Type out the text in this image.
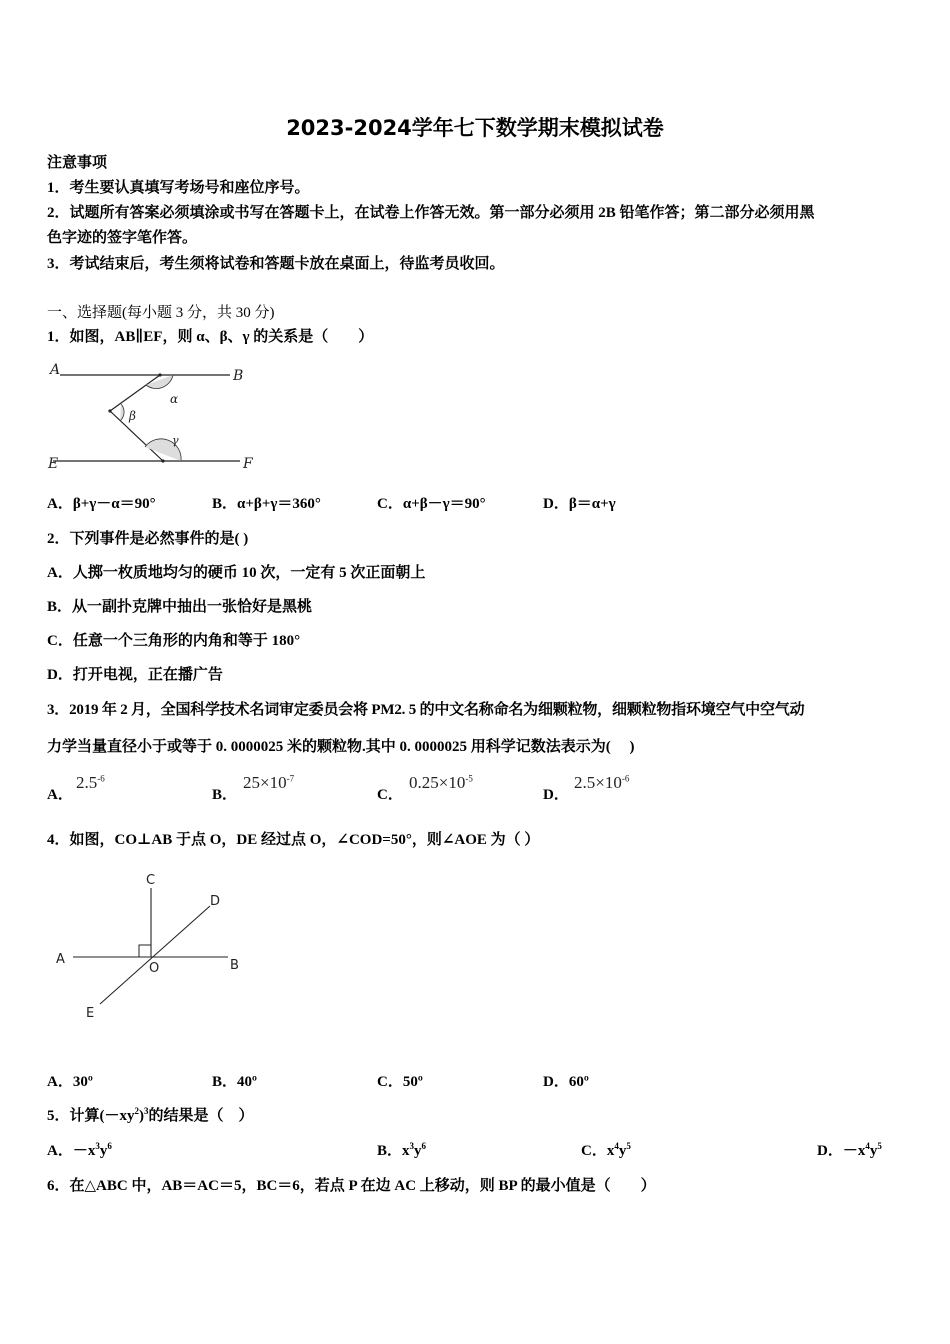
2023-2024学年七下数学期末模拟试卷
注意事项
1．考生要认真填写考场号和座位序号。
2．试题所有答案必须填涂或书写在答题卡上，在试卷上作答无效。第一部分必须用 2B 铅笔作答；第二部分必须用黑
色字迹的签字笔作答。
3．考试结束后，考生须将试卷和答题卡放在桌面上，待监考员收回。
一、选择题(每小题 3 分，共 30 分)
1．如图，AB∥EF，则 α、β、γ 的关系是（　　）
A	B
E	F
α
β
γ
A．β+γ－α＝90°	B．α+β+γ＝360°	C．α+β－γ＝90°	D．β＝α+γ
2．下列事件是必然事件的是( )
A．人掷一枚质地均匀的硬币 10 次，一定有 5 次正面朝上
B．从一副扑克牌中抽出一张恰好是黑桃
C．任意一个三角形的内角和等于 180°
D．打开电视，正在播广告
3．2019 年 2 月，全国科学技术名词审定委员会将 PM2. 5 的中文名称命名为细颗粒物，细颗粒物指环境空气中空气动
力学当量直径小于或等于 0. 0000025 米的颗粒物.其中 0. 0000025 用科学记数法表示为(　 )
A．
$2.5^{-6}$
B．
$25\times 10^{-7}$
C．
$0.25\times 10^{-5}$
D．
$2.5\times 10^{-6}$
4．如图，CO⊥AB 于点 O，DE 经过点 O，∠COD=50°，则∠AOE 为（ ）
C
D
A	B
O
E
A．30º	B．40º	C．50º	D．60º
5．计算$(-xy^2)^3$的结果是（　）
A．$-x^3y^6$	B．$x^3y^6$	C．$x^4y^5$	D．$-x^4y^5$
6．在△ABC 中，AB＝AC＝5，BC＝6，若点 P 在边 AC 上移动，则 BP 的最小值是（　　）
